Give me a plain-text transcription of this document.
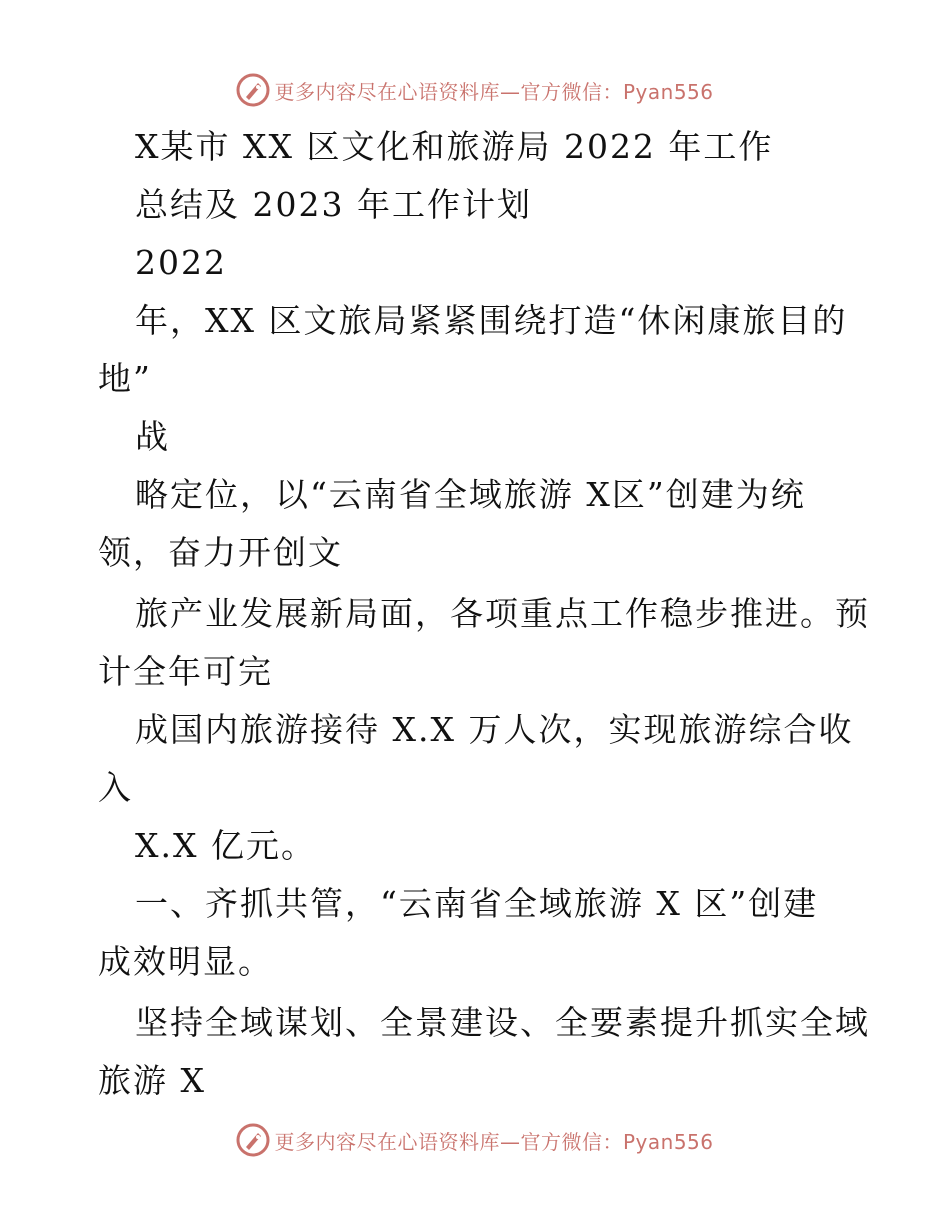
更多内容尽在心语资料库—官方微信：Pyan556
X某市 XX 区文化和旅游局 2022 年工作
总结及 2023 年工作计划
2022
年，XX 区文旅局紧紧围绕打造“休闲康旅目的
地”
战
略定位，以“云南省全域旅游 X区”创建为统
领，奋力开创文
旅产业发展新局面，各项重点工作稳步推进。预
计全年可完
成国内旅游接待 X.X 万人次，实现旅游综合收
入
X.X 亿元。
一、齐抓共管，“云南省全域旅游 X 区”创建
成效明显。
坚持全域谋划、全景建设、全要素提升抓实全域
旅游 X
更多内容尽在心语资料库—官方微信：Pyan556
